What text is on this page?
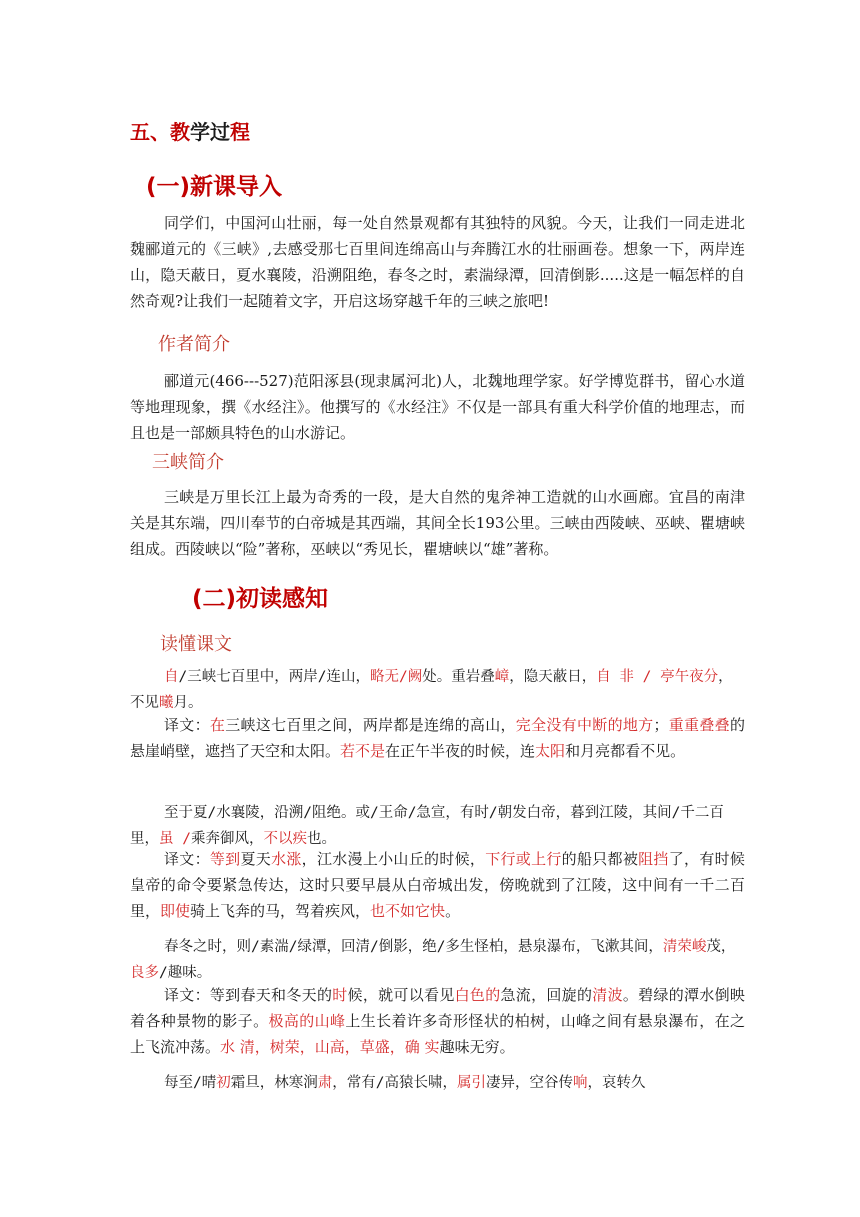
五、教学过程
(一)新课导入
同学们，中国河山壮丽，每一处自然景观都有其独特的风貌。今天，让我们一同走进北魏郦道元的《三峡》,去感受那七百里间连绵高山与奔腾江水的壮丽画卷。想象一下，两岸连山，隐天蔽日，夏水襄陵，沿溯阻绝，春冬之时，素湍绿潭，回清倒影.....这是一幅怎样的自然奇观?让我们一起随着文字，开启这场穿越千年的三峡之旅吧!
作者简介
郦道元(466---527)范阳涿县(现隶属河北)人，北魏地理学家。好学博览群书，留心水道等地理现象，撰《水经注》。他撰写的《水经注》不仅是一部具有重大科学价值的地理志，而且也是一部颇具特色的山水游记。
三峡简介
三峡是万里长江上最为奇秀的一段，是大自然的鬼斧神工造就的山水画廊。宜昌的南津关是其东端，四川奉节的白帝城是其西端，其间全长193公里。三峡由西陵峡、巫峡、瞿塘峡组成。西陵峡以“险”著称，巫峡以“秀见长，瞿塘峡以“雄”著称。
(二)初读感知
读懂课文
自/三峡七百里中，两岸/连山，略无/阙处。重岩叠嶂，隐天蔽日，自 非 / 亭午夜分，不见曦月。
译文：在三峡这七百里之间，两岸都是连绵的高山，完全没有中断的地方；重重叠叠的悬崖峭壁，遮挡了天空和太阳。若不是在正午半夜的时候，连太阳和月亮都看不见。
至于夏/水襄陵，沿溯/阻绝。或/王命/急宣，有时/朝发白帝，暮到江陵，其间/千二百里，虽 /乘奔御风，不以疾也。
译文：等到夏天水涨，江水漫上小山丘的时候，下行或上行的船只都被阻挡了，有时候皇帝的命令要紧急传达，这时只要早晨从白帝城出发，傍晚就到了江陵，这中间有一千二百里，即使骑上飞奔的马，驾着疾风，也不如它快。
春冬之时，则/素湍/绿潭，回清/倒影，绝/多生怪柏，悬泉瀑布，飞漱其间，清荣峻茂，良多/趣味。
译文：等到春天和冬天的时候，就可以看见白色的急流，回旋的清波。碧绿的潭水倒映着各种景物的影子。极高的山峰上生长着许多奇形怪状的柏树，山峰之间有悬泉瀑布，在之上飞流冲荡。水 清，树荣，山高，草盛，确 实趣味无穷。
每至/晴初霜旦，林寒涧肃，常有/高猿长啸，属引凄异，空谷传响，哀转久
